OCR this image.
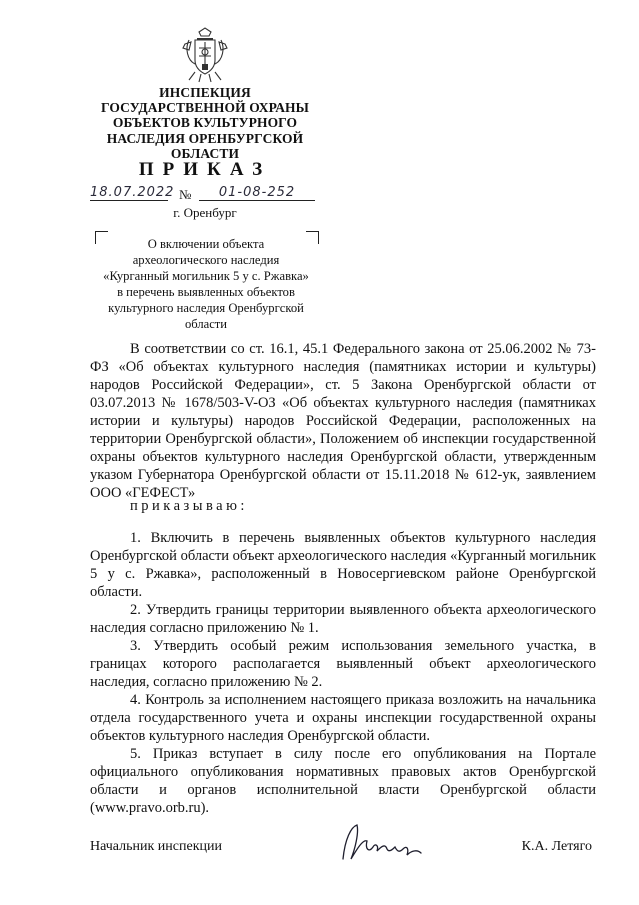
ИНСПЕКЦИЯ
ГОСУДАРСТВЕННОЙ ОХРАНЫ
ОБЪЕКТОВ КУЛЬТУРНОГО
НАСЛЕДИЯ ОРЕНБУРГСКОЙ
ОБЛАСТИ
ПРИКАЗ
18.07.2022 №	01-08-252
г. Оренбург
О включении объекта
археологического наследия
«Курганный могильник 5 у с. Ржавка»
в перечень выявленных объектов
культурного наследия Оренбургской
области

В соответствии со ст. 16.1, 45.1 Федерального закона от 25.06.2002 № 73-ФЗ «Об объектах культурного наследия (памятниках истории и культуры) народов Российской Федерации», ст. 5 Закона Оренбургской области от 03.07.2013 № 1678/503-V-ОЗ «Об объектах культурного наследия (памятниках истории и культуры) народов Российской Федерации, расположенных на территории Оренбургской области», Положением об инспекции государственной охраны объектов культурного наследия Оренбургской области, утвержденным указом Губернатора Оренбургской области от 15.11.2018 № 612-ук, заявлением ООО «ГЕФЕСТ»

приказываю:

1. Включить в перечень выявленных объектов культурного наследия Оренбургской области объект археологического наследия «Курганный могильник 5 у с. Ржавка», расположенный в Новосергиевском районе Оренбургской области.

2. Утвердить границы территории выявленного объекта археологического наследия согласно приложению № 1.

3. Утвердить особый режим использования земельного участка, в границах которого располагается выявленный объект археологического наследия, согласно приложению № 2.

4. Контроль за исполнением настоящего приказа возложить на начальника отдела государственного учета и охраны инспекции государственной охраны объектов культурного наследия Оренбургской области.

5. Приказ вступает в силу после его опубликования на Портале официального опубликования нормативных правовых актов Оренбургской области и органов исполнительной власти Оренбургской области (www.pravo.orb.ru).

Начальник инспекции	К.А. Летяго
